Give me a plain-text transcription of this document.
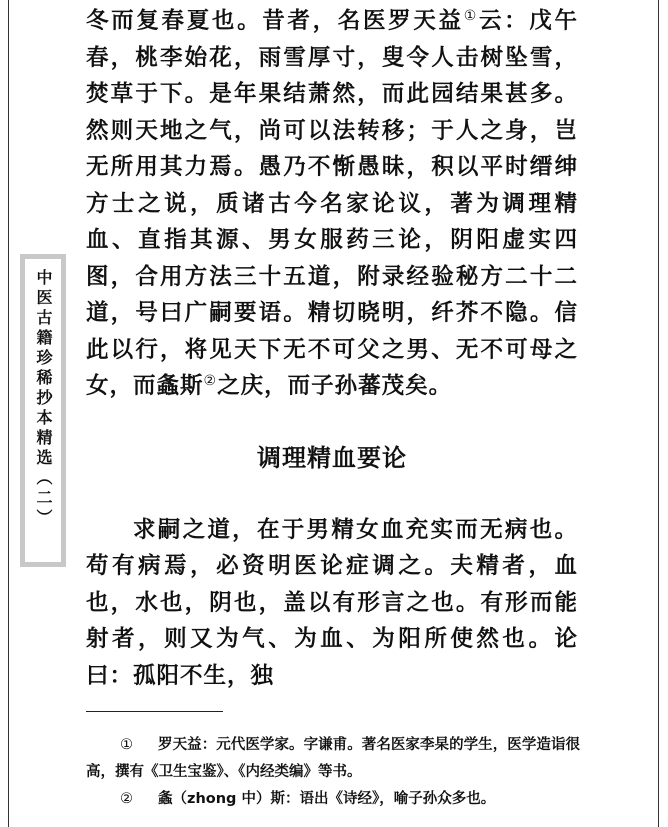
中医古籍珍稀抄本精选（二）

冬而复春夏也。昔者，名医罗天益①云：戊午春，桃李始花，雨雪厚寸，叟令人击树坠雪，焚草于下。是年果结萧然，而此园结果甚多。然则天地之气，尚可以法转移；于人之身，岂无所用其力焉。愚乃不惭愚昧，积以平时缙绅方士之说，质诸古今名家论议，著为调理精血、直指其源、男女服药三论，阴阳虚实四图，合用方法三十五道，附录经验秘方二十二道，号曰广嗣要语。精切晓明，纤芥不隐。信此以行，将见天下无不可父之男、无不可母之女，而螽斯②之庆，而子孙蕃茂矣。

调理精血要论

求嗣之道，在于男精女血充实而无病也。苟有病焉，必资明医论症调之。夫精者，血也，水也，阴也，盖以有形言之也。有形而能射者，则又为气、为血、为阳所使然也。论曰：孤阳不生，独

① 罗天益：元代医学家。字谦甫。著名医家李杲的学生，医学造诣很高，撰有《卫生宝鉴》、《内经类编》等书。

② 螽（zhong 中）斯：语出《诗经》，喻子孙众多也。
